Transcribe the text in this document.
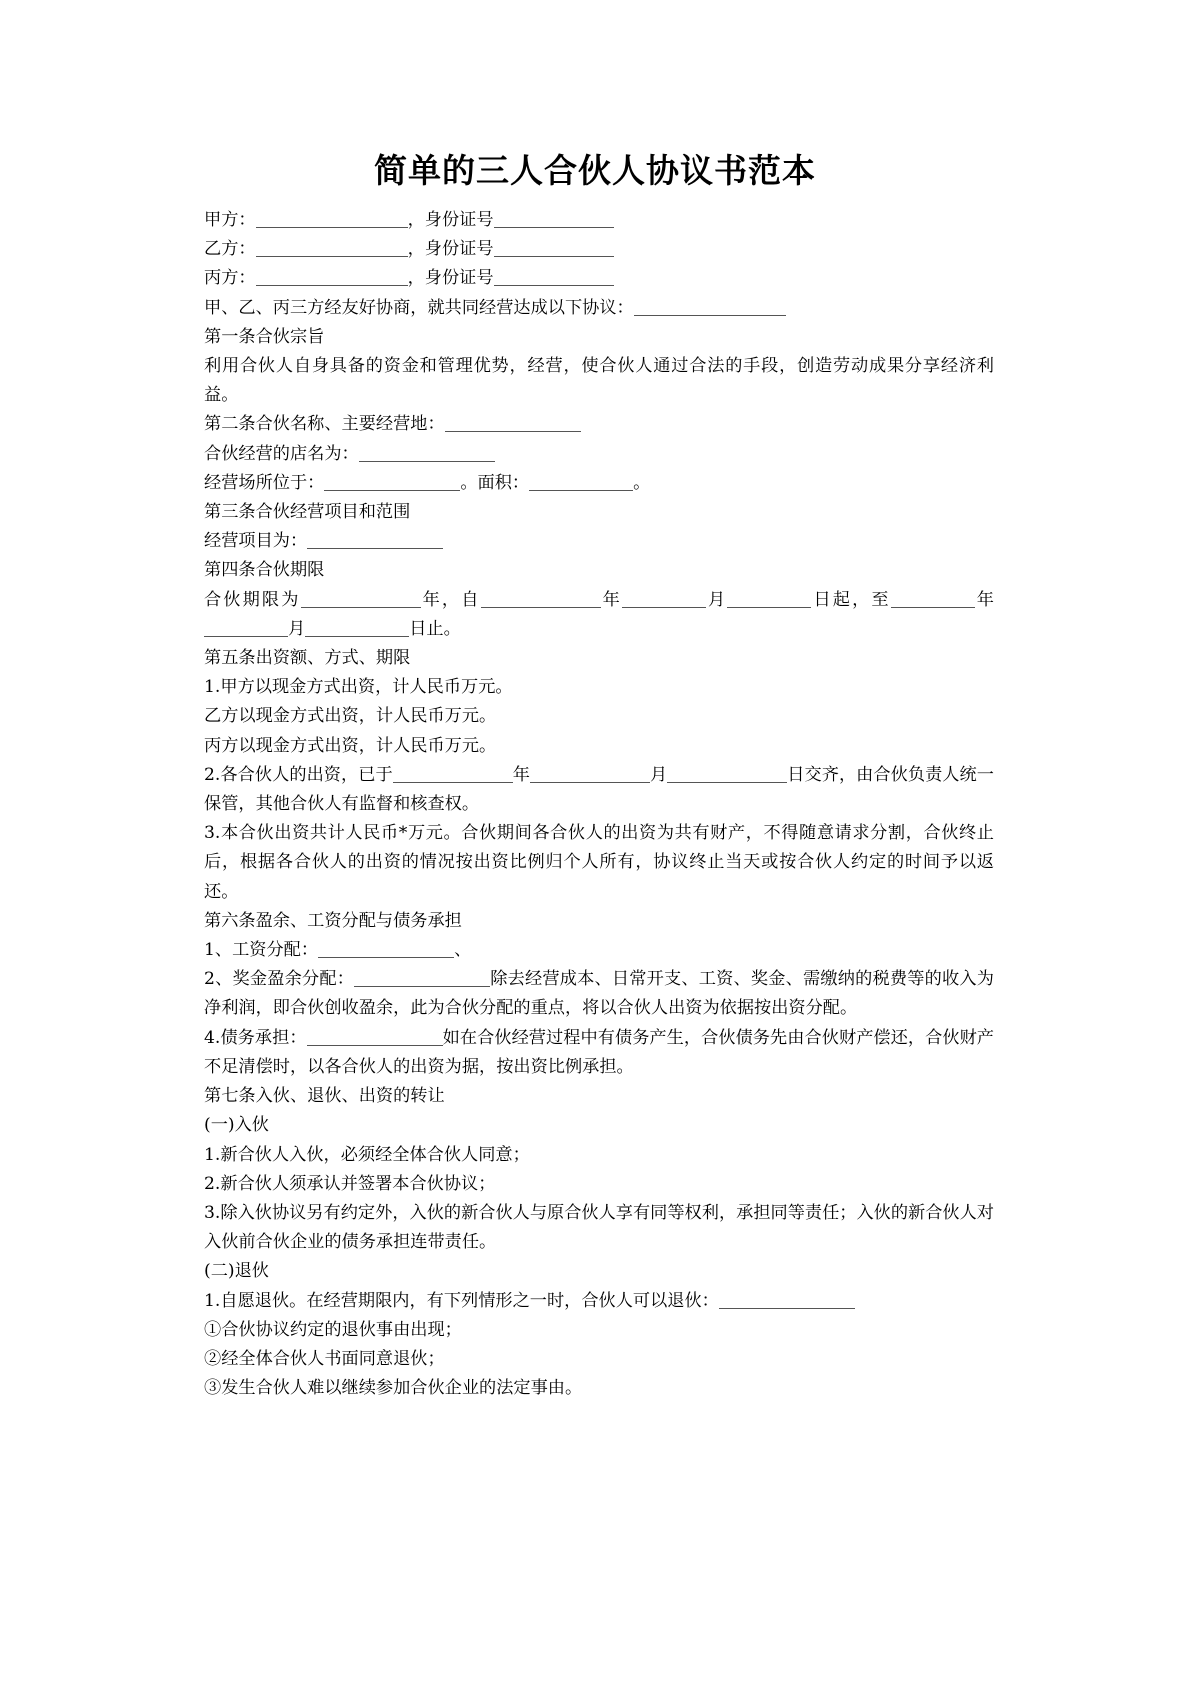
简单的三人合伙人协议书范本

甲方：	，身份证号

乙方：	，身份证号

丙方：	，身份证号

甲、乙、丙三方经友好协商，就共同经营达成以下协议：

第一条合伙宗旨

利用合伙人自身具备的资金和管理优势，经营，使合伙人通过合法的手段，创造劳动成果分享经济利益。

第二条合伙名称、主要经营地：

合伙经营的店名为：

经营场所位于：	。面积：	。

第三条合伙经营项目和范围

经营项目为：

第四条合伙期限

合伙期限为	年，自	年	月	日起，至	年月	日止。

第五条出资额、方式、期限

1.甲方以现金方式出资，计人民币万元。

乙方以现金方式出资，计人民币万元。

丙方以现金方式出资，计人民币万元。

2.各合伙人的出资，已于	年	月	日交齐，由合伙负责人统一保管，其他合伙人有监督和核查权。

3.本合伙出资共计人民币*万元。合伙期间各合伙人的出资为共有财产，不得随意请求分割，合伙终止后，根据各合伙人的出资的情况按出资比例归个人所有，协议终止当天或按合伙人约定的时间予以返还。

第六条盈余、工资分配与债务承担

1、工资分配：	、

2、奖金盈余分配：	除去经营成本、日常开支、工资、奖金、需缴纳的税费等的收入为净利润，即合伙创收盈余，此为合伙分配的重点，将以合伙人出资为依据按出资分配。

4.债务承担：	如在合伙经营过程中有债务产生，合伙债务先由合伙财产偿还，合伙财产不足清偿时，以各合伙人的出资为据，按出资比例承担。

第七条入伙、退伙、出资的转让

(一)入伙

1.新合伙人入伙，必须经全体合伙人同意；

2.新合伙人须承认并签署本合伙协议；

3.除入伙协议另有约定外，入伙的新合伙人与原合伙人享有同等权利，承担同等责任；入伙的新合伙人对入伙前合伙企业的债务承担连带责任。

(二)退伙

1.自愿退伙。在经营期限内，有下列情形之一时，合伙人可以退伙：

①合伙协议约定的退伙事由出现；

②经全体合伙人书面同意退伙；

③发生合伙人难以继续参加合伙企业的法定事由。
